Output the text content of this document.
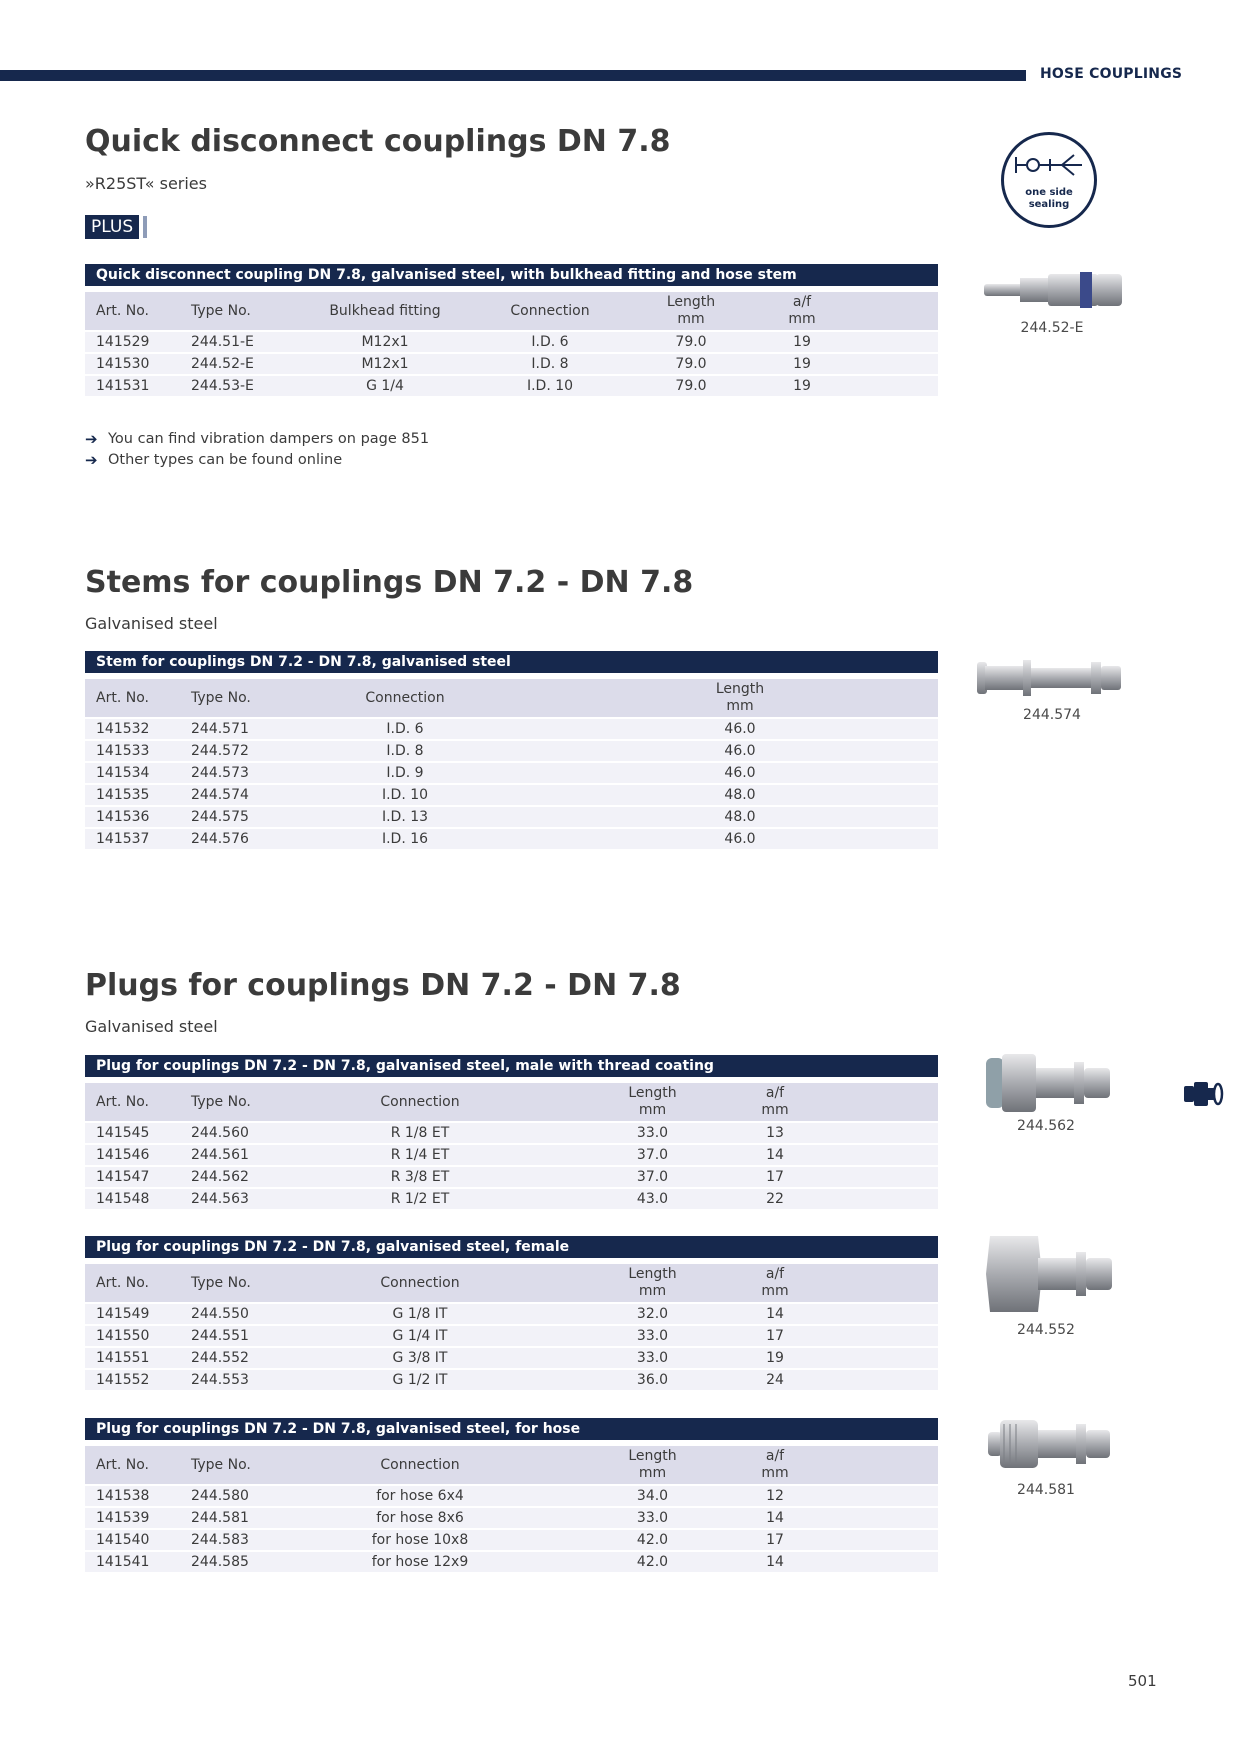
HOSE COUPLINGS
Quick disconnect couplings DN 7.8
»R25ST« series
PLUS
one side
sealing
Quick disconnect coupling DN 7.8, galvanised steel, with bulkhead fitting and hose stem
Art. No.	Type No.	Bulkhead fitting	Connection	Length
mm	a/f
mm	
141529	244.51-E	M12x1	I.D. 6	79.0	19	
141530	244.52-E	M12x1	I.D. 8	79.0	19	
141531	244.53-E	G 1/4	I.D. 10	79.0	19	
244.52-E
➔ You can find vibration dampers on page 851
➔ Other types can be found online
Stems for couplings DN 7.2 - DN 7.8
Galvanised steel
Stem for couplings DN 7.2 - DN 7.8, galvanised steel
Art. No.	Type No.	Connection		Length
mm	
141532	244.571	I.D. 6		46.0	
141533	244.572	I.D. 8		46.0	
141534	244.573	I.D. 9		46.0	
141535	244.574	I.D. 10		48.0	
141536	244.575	I.D. 13		48.0	
141537	244.576	I.D. 16		46.0	
244.574
Plugs for couplings DN 7.2 - DN 7.8
Galvanised steel
Plug for couplings DN 7.2 - DN 7.8, galvanised steel, male with thread coating
Art. No.	Type No.	Connection		Length
mm	a/f
mm	
141545	244.560	R 1/8 ET		33.0	13	
141546	244.561	R 1/4 ET		37.0	14	
141547	244.562	R 3/8 ET		37.0	17	
141548	244.563	R 1/2 ET		43.0	22	
244.562
Plug for couplings DN 7.2 - DN 7.8, galvanised steel, female
Art. No.	Type No.	Connection		Length
mm	a/f
mm	
141549	244.550	G 1/8 IT		32.0	14	
141550	244.551	G 1/4 IT		33.0	17	
141551	244.552	G 3/8 IT		33.0	19	
141552	244.553	G 1/2 IT		36.0	24	
244.552
Plug for couplings DN 7.2 - DN 7.8, galvanised steel, for hose
Art. No.	Type No.	Connection		Length
mm	a/f
mm	
141538	244.580	for hose 6x4		34.0	12	
141539	244.581	for hose 8x6		33.0	14	
141540	244.583	for hose 10x8		42.0	17	
141541	244.585	for hose 12x9		42.0	14	
244.581
501
